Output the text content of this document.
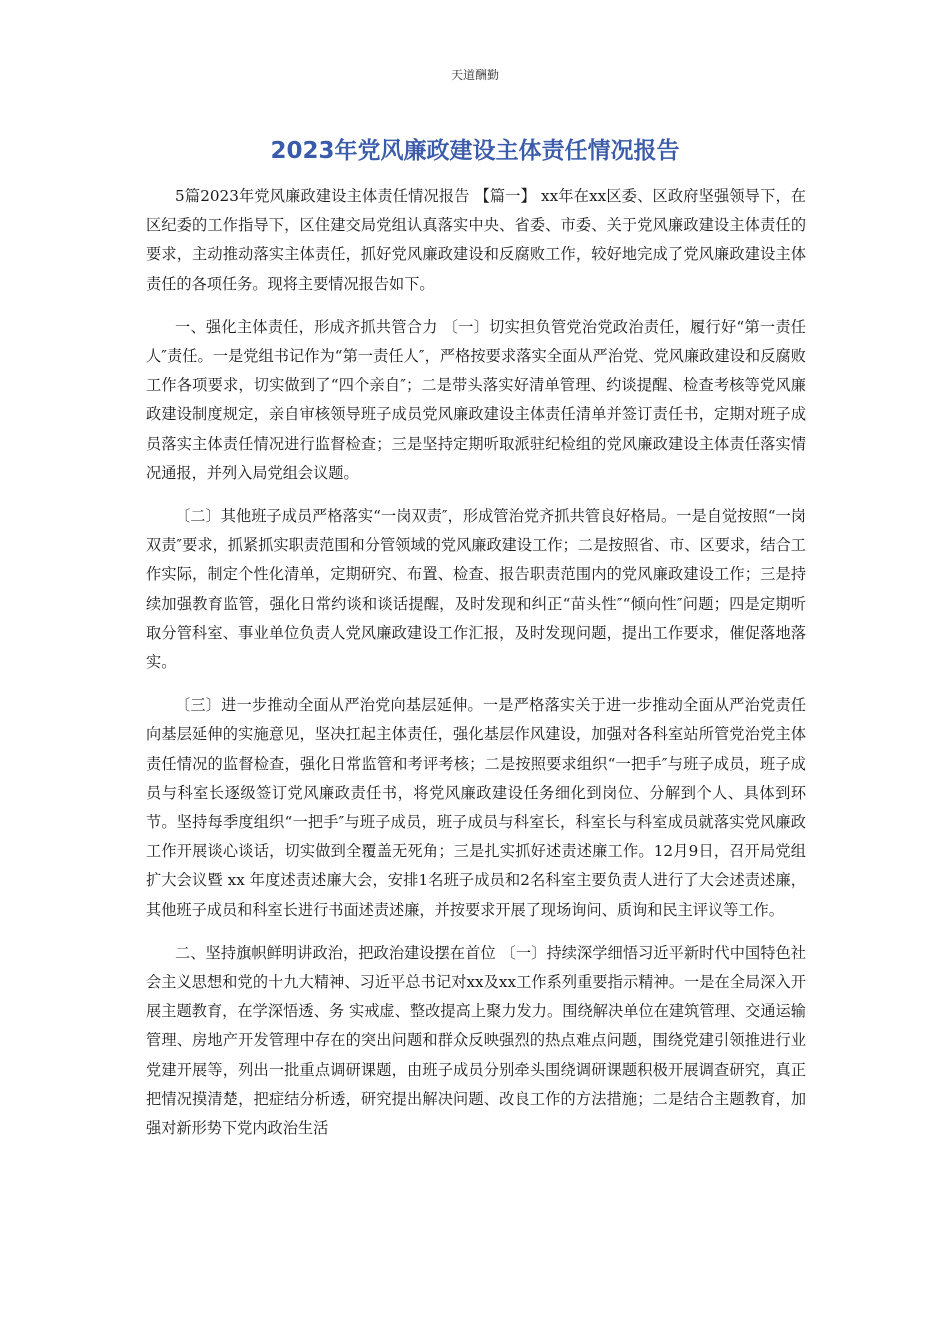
天道酬勤
2023年党风廉政建设主体责任情况报告

5篇2023年党风廉政建设主体责任情况报告 【篇一】 xx年在xx区委、区政府坚强领导下，在区纪委的工作指导下，区住建交局党组认真落实中央、省委、市委、关于党风廉政建设主体责任的要求，主动推动落实主体责任，抓好党风廉政建设和反腐败工作，较好地完成了党风廉政建设主体责任的各项任务。现将主要情况报告如下。

一、强化主体责任，形成齐抓共管合力 〔一〕切实担负管党治党政治责任，履行好“第一责任人″责任。一是党组书记作为“第一责任人″，严格按要求落实全面从严治党、党风廉政建设和反腐败工作各项要求，切实做到了“四个亲自″；二是带头落实好清单管理、约谈提醒、检查考核等党风廉政建设制度规定，亲自审核领导班子成员党风廉政建设主体责任清单并签订责任书，定期对班子成员落实主体责任情况进行监督检查；三是坚持定期听取派驻纪检组的党风廉政建设主体责任落实情况通报，并列入局党组会议题。

〔二〕其他班子成员严格落实“一岗双责″，形成管治党齐抓共管良好格局。一是自觉按照“一岗双责″要求，抓紧抓实职责范围和分管领域的党风廉政建设工作；二是按照省、市、区要求，结合工作实际，制定个性化清单，定期研究、布置、检查、报告职责范围内的党风廉政建设工作；三是持续加强教育监管，强化日常约谈和谈话提醒，及时发现和纠正“苗头性″“倾向性″问题；四是定期听取分管科室、事业单位负责人党风廉政建设工作汇报，及时发现问题，提出工作要求，催促落地落实。

〔三〕进一步推动全面从严治党向基层延伸。一是严格落实关于进一步推动全面从严治党责任向基层延伸的实施意见，坚决扛起主体责任，强化基层作风建设，加强对各科室站所管党治党主体责任情况的监督检查，强化日常监管和考评考核；二是按照要求组织“一把手″与班子成员，班子成员与科室长逐级签订党风廉政责任书，将党风廉政建设任务细化到岗位、分解到个人、具体到环节。坚持每季度组织“一把手″与班子成员，班子成员与科室长，科室长与科室成员就落实党风廉政工作开展谈心谈话，切实做到全覆盖无死角；三是扎实抓好述责述廉工作。12月9日，召开局党组扩大会议暨 xx 年度述责述廉大会，安排1名班子成员和2名科室主要负责人进行了大会述责述廉，其他班子成员和科室长进行书面述责述廉，并按要求开展了现场询问、质询和民主评议等工作。

二、坚持旗帜鲜明讲政治，把政治建设摆在首位 〔一〕持续深学细悟习近平新时代中国特色社会主义思想和党的十九大精神、习近平总书记对xx及xx工作系列重要指示精神。一是在全局深入开展主题教育，在学深悟透、务 实戒虚、整改提高上聚力发力。围绕解决单位在建筑管理、交通运输管理、房地产开发管理中存在的突出问题和群众反映强烈的热点难点问题，围绕党建引领推进行业党建开展等，列出一批重点调研课题，由班子成员分别牵头围绕调研课题积极开展调查研究，真正把情况摸清楚，把症结分析透，研究提出解决问题、改良工作的方法措施；二是结合主题教育，加强对新形势下党内政治生活
